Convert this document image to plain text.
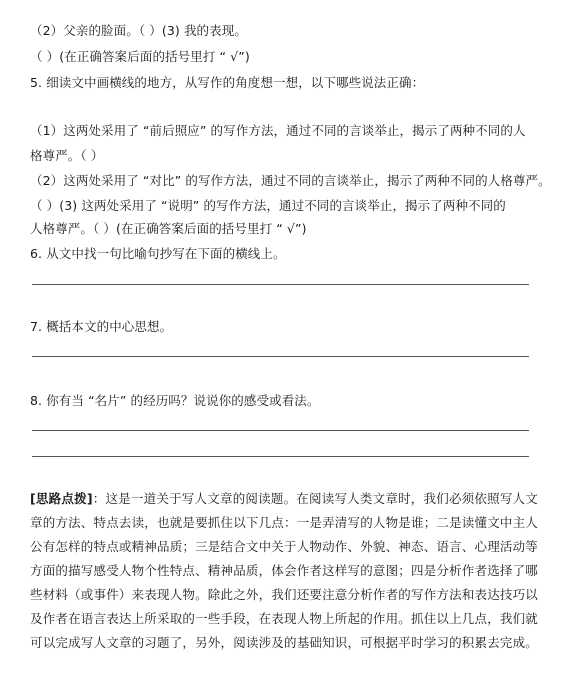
（2）父亲的脸面。（ ）(3) 我的表现。
（ ）(在正确答案后面的括号里打 “ √”)
5. 细读文中画横线的地方，从写作的角度想一想，以下哪些说法正确：
（1）这两处采用了 “前后照应” 的写作方法，通过不同的言谈举止，揭示了两种不同的人
格尊严。（ ）
（2）这两处采用了 “对比” 的写作方法，通过不同的言谈举止，揭示了两种不同的人格尊严。
（ ）(3) 这两处采用了 “说明” 的写作方法，通过不同的言谈举止，揭示了两种不同的
人格尊严。（ ）(在正确答案后面的括号里打 “ √”)
6. 从文中找一句比喻句抄写在下面的横线上。
7. 概括本文的中心思想。
8. 你有当 “名片” 的经历吗？说说你的感受或看法。
[思路点拨]：这是一道关于写人文章的阅读题。在阅读写人类文章时，我们必须依照写人文章的方法、特点去读，也就是要抓住以下几点：一是弄清写的人物是谁；二是读懂文中主人公有怎样的特点或精神品质；三是结合文中关于人物动作、外貌、神态、语言、心理活动等方面的描写感受人物个性特点、精神品质，体会作者这样写的意图；四是分析作者选择了哪些材料（或事件）来表现人物。除此之外，我们还要注意分析作者的写作方法和表达技巧以及作者在语言表达上所采取的一些手段，在表现人物上所起的作用。抓住以上几点，我们就可以完成写人文章的习题了，另外，阅读涉及的基础知识，可根据平时学习的积累去完成。
